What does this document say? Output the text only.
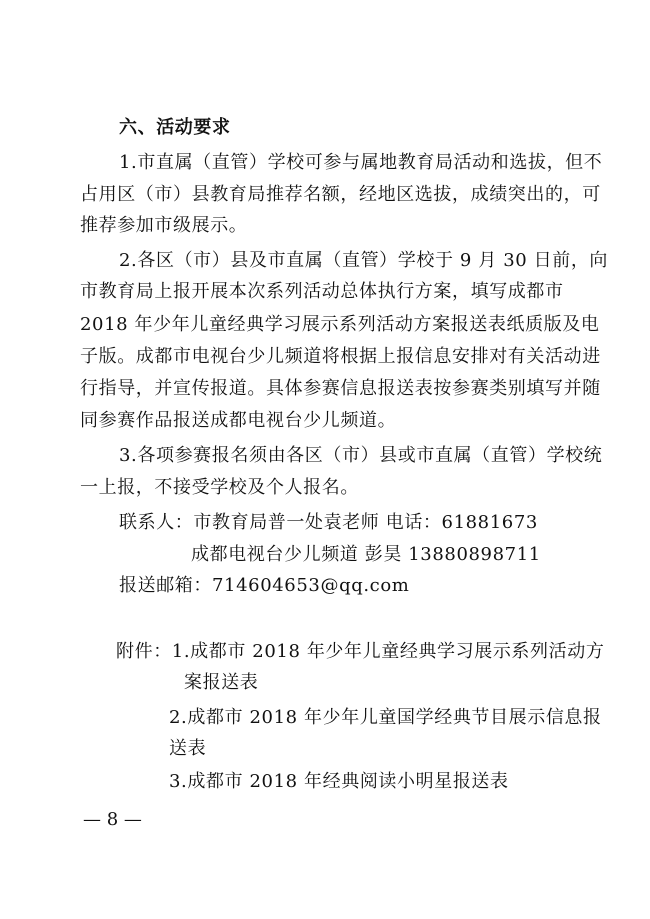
六、活动要求
1.市直属（直管）学校可参与属地教育局活动和选拔，但不
占用区（市）县教育局推荐名额，经地区选拔，成绩突出的，可
推荐参加市级展示。
2.各区（市）县及市直属（直管）学校于 9 月 30 日前，向
市教育局上报开展本次系列活动总体执行方案，填写成都市
2018 年少年儿童经典学习展示系列活动方案报送表纸质版及电
子版。成都市电视台少儿频道将根据上报信息安排对有关活动进
行指导，并宣传报道。具体参赛信息报送表按参赛类别填写并随
同参赛作品报送成都电视台少儿频道。
3.各项参赛报名须由各区（市）县或市直属（直管）学校统
一上报，不接受学校及个人报名。
联系人：市教育局普一处袁老师 电话：61881673
成都电视台少儿频道 彭昊 13880898711
报送邮箱：714604653@qq.com
附件：1.成都市 2018 年少年儿童经典学习展示系列活动方
案报送表
2.成都市 2018 年少年儿童国学经典节目展示信息报
送表
3.成都市 2018 年经典阅读小明星报送表
— 8 —
